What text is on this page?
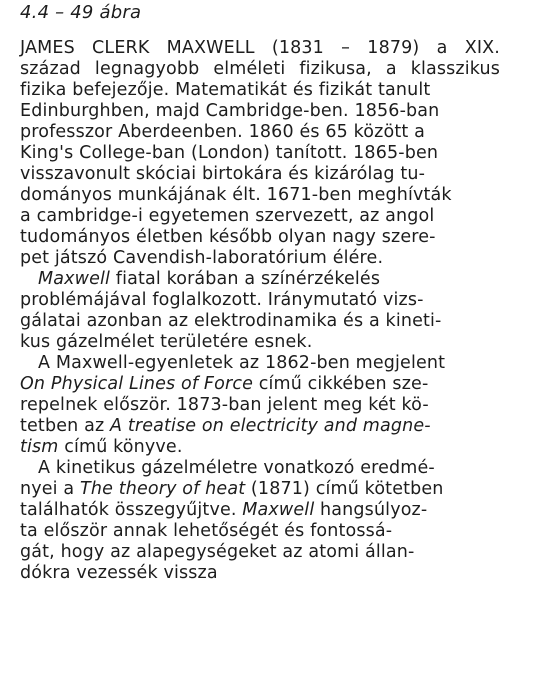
4.4 – 49 ábra
JAMES CLERK MAXWELL (1831 – 1879) a XIX.
század legnagyobb elméleti fizikusa, a klasszikus
fizika befejezője. Matematikát és fizikát tanult
Edinburghben, majd Cambridge-ben. 1856-ban
professzor Aberdeenben. 1860 és 65 között a
King's College-ban (London) tanított. 1865-ben
visszavonult skóciai birtokára és kizárólag tu-
dományos munkájának élt. 1671-ben meghívták
a cambridge-i egyetemen szervezett, az angol
tudományos életben később olyan nagy szere-
pet játszó Cavendish-laboratórium élére.
Maxwell fiatal korában a színérzékelés
problémájával foglalkozott. Iránymutató vizs-
gálatai azonban az elektrodinamika és a kineti-
kus gázelmélet területére esnek.
A Maxwell-egyenletek az 1862-ben megjelent
On Physical Lines of Force című cikkében sze-
repelnek először. 1873-ban jelent meg két kö-
tetben az A treatise on electricity and magne-
tism című könyve.
A kinetikus gázelméletre vonatkozó eredmé-
nyei a The theory of heat (1871) című kötetben
találhatók összegyűjtve. Maxwell hangsúlyoz-
ta először annak lehetőségét és fontossá-
gát, hogy az alapegységeket az atomi állan-
dókra vezessék vissza
